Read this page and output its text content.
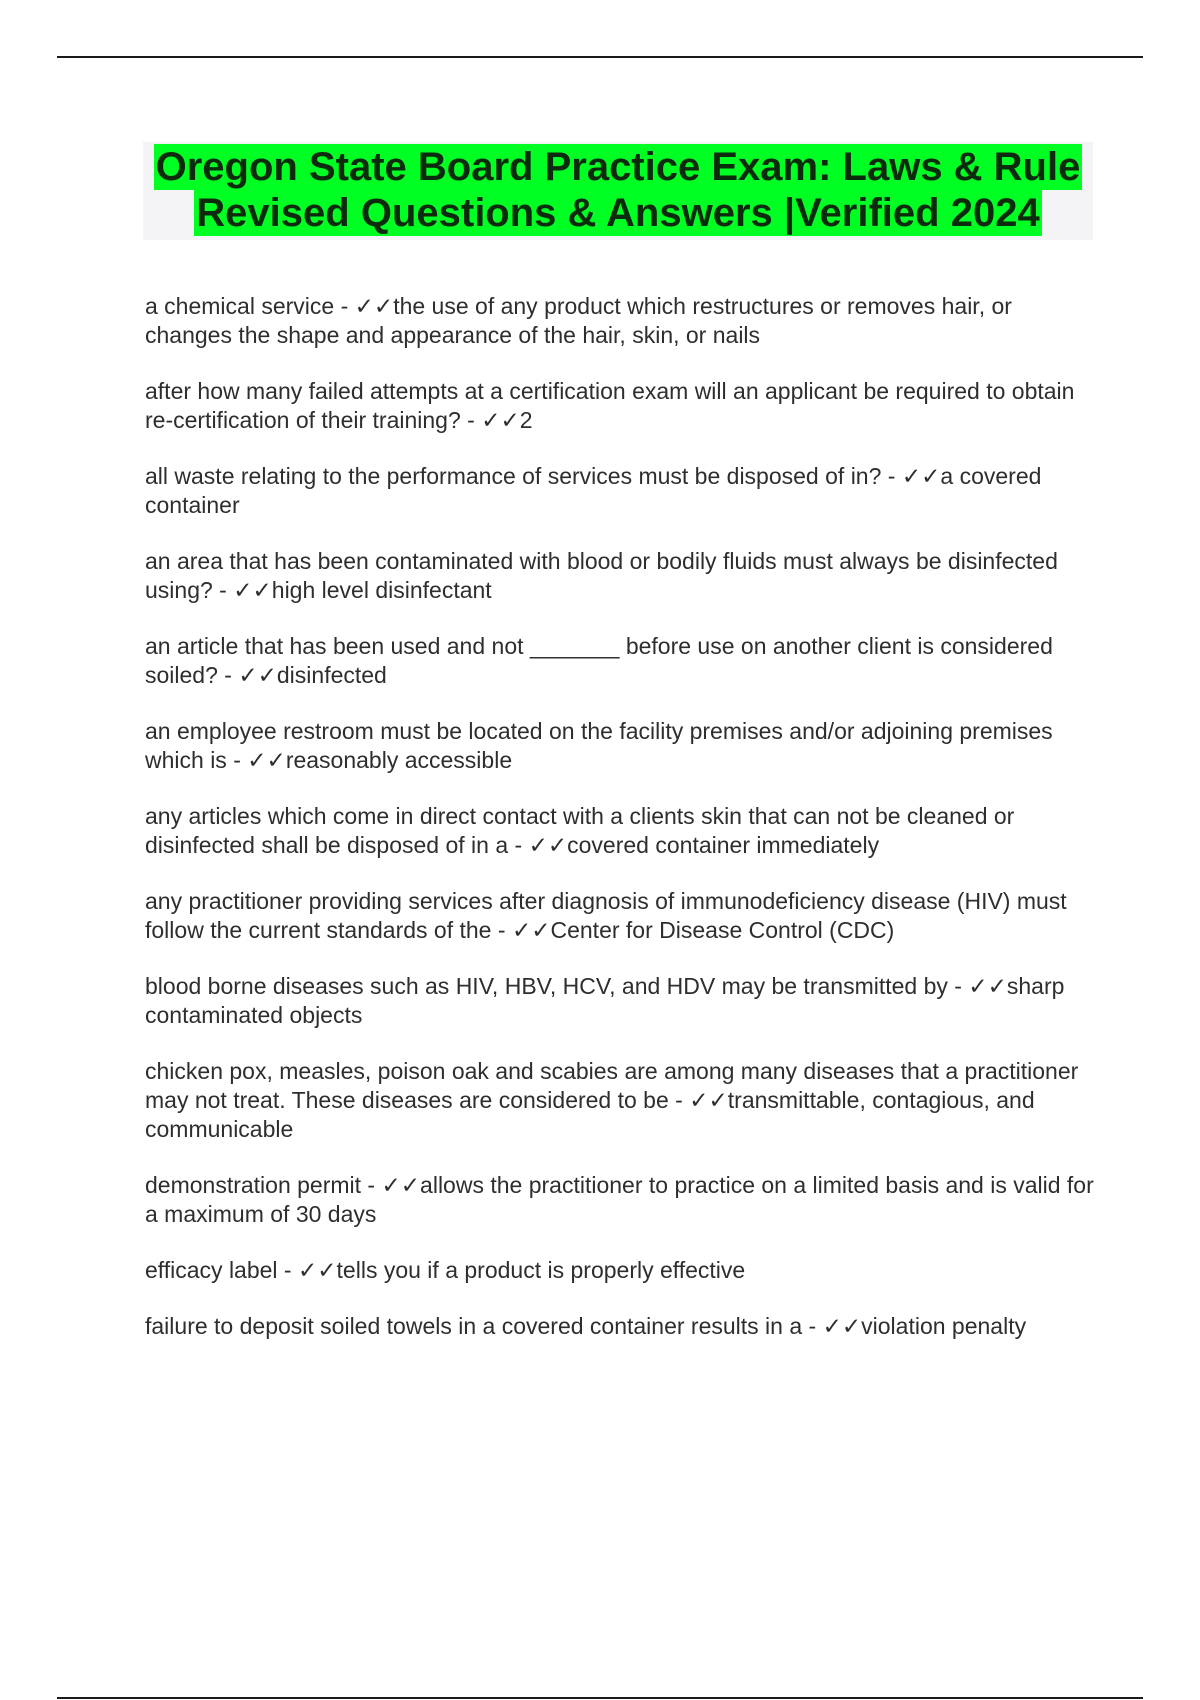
Oregon State Board Practice Exam: Laws & Rule
Revised Questions & Answers |Verified 2024

a chemical service - ✓✓the use of any product which restructures or removes hair, or changes the shape and appearance of the hair, skin, or nails

after how many failed attempts at a certification exam will an applicant be required to obtain re-certification of their training? - ✓✓2

all waste relating to the performance of services must be disposed of in? - ✓✓a covered container

an area that has been contaminated with blood or bodily fluids must always be disinfected using? - ✓✓high level disinfectant

an article that has been used and not _______ before use on another client is considered soiled? - ✓✓disinfected

an employee restroom must be located on the facility premises and/or adjoining premises which is - ✓✓reasonably accessible

any articles which come in direct contact with a clients skin that can not be cleaned or disinfected shall be disposed of in a - ✓✓covered container immediately

any practitioner providing services after diagnosis of immunodeficiency disease (HIV) must follow the current standards of the - ✓✓Center for Disease Control (CDC)

blood borne diseases such as HIV, HBV, HCV, and HDV may be transmitted by - ✓✓sharp contaminated objects

chicken pox, measles, poison oak and scabies are among many diseases that a practitioner may not treat. These diseases are considered to be - ✓✓transmittable, contagious, and communicable

demonstration permit - ✓✓allows the practitioner to practice on a limited basis and is valid for a maximum of 30 days

efficacy label - ✓✓tells you if a product is properly effective

failure to deposit soiled towels in a covered container results in a - ✓✓violation penalty
